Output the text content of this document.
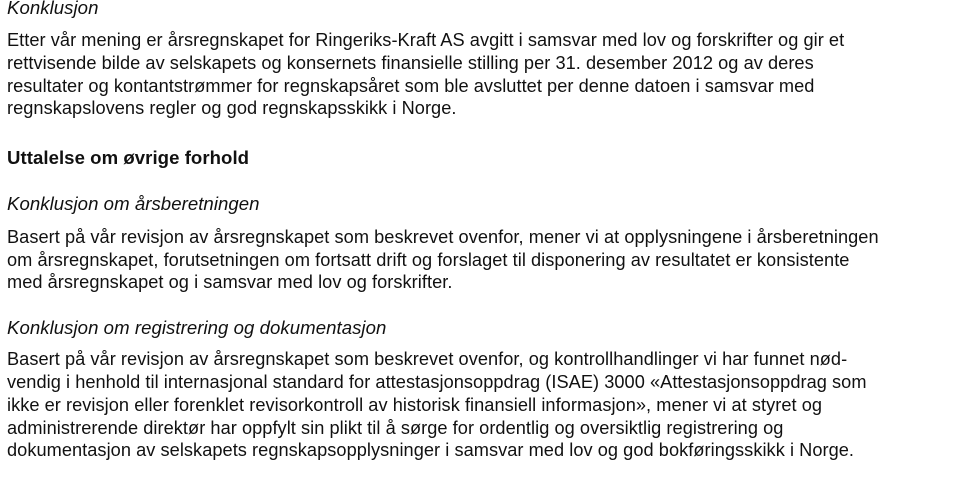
Konklusjon
Etter vår mening er årsregnskapet for Ringeriks-Kraft AS avgitt i samsvar med lov og forskrifter og gir et
rettvisende bilde av selskapets og konsernets finansielle stilling per 31. desember 2012 og av deres
resultater og kontantstrømmer for regnskapsåret som ble avsluttet per denne datoen i samsvar med
regnskapslovens regler og god regnskapsskikk i Norge.
Uttalelse om øvrige forhold
Konklusjon om årsberetningen
Basert på vår revisjon av årsregnskapet som beskrevet ovenfor, mener vi at opplysningene i årsberetningen
om årsregnskapet, forutsetningen om fortsatt drift og forslaget til disponering av resultatet er konsistente
med årsregnskapet og i samsvar med lov og forskrifter.
Konklusjon om registrering og dokumentasjon
Basert på vår revisjon av årsregnskapet som beskrevet ovenfor, og kontrollhandlinger vi har funnet nød-
vendig i henhold til internasjonal standard for attestasjonsoppdrag (ISAE) 3000 «Attestasjonsoppdrag som
ikke er revisjon eller forenklet revisorkontroll av historisk finansiell informasjon», mener vi at styret og
administrerende direktør har oppfylt sin plikt til å sørge for ordentlig og oversiktlig registrering og
dokumentasjon av selskapets regnskapsopplysninger i samsvar med lov og god bokføringsskikk i Norge.
